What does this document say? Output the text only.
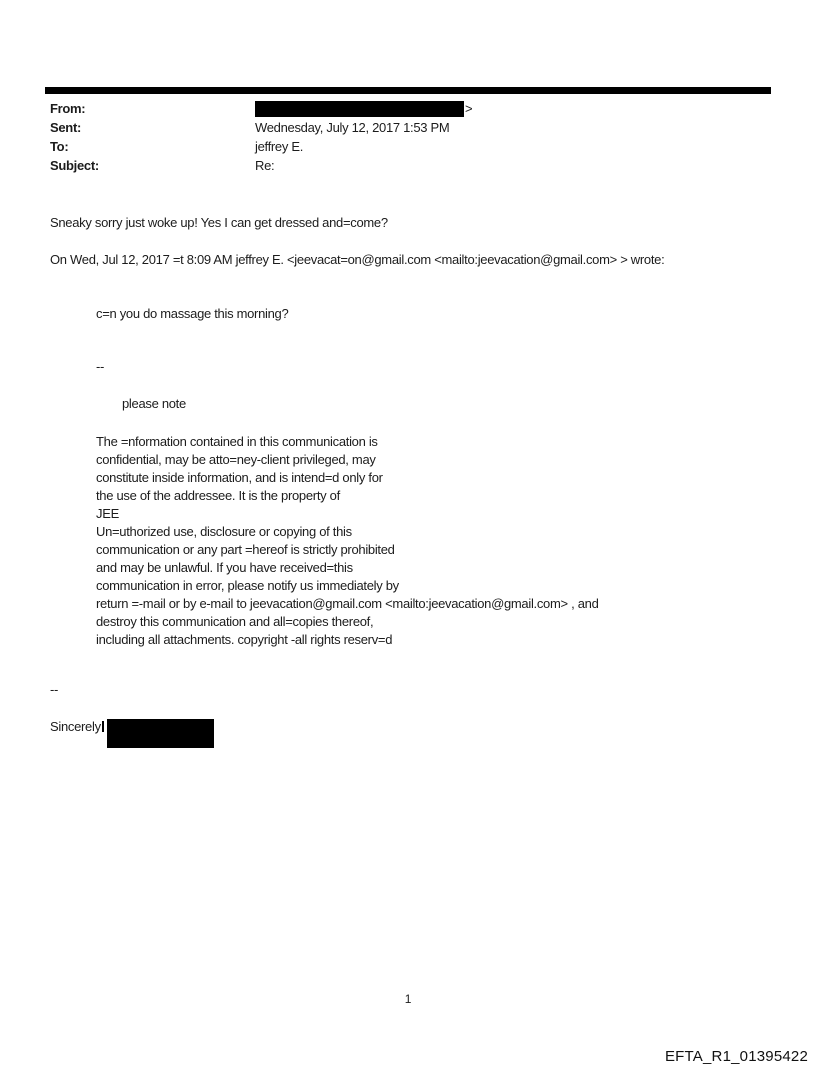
From:	>
Sent:	Wednesday, July 12, 2017 1:53 PM
To:	jeffrey E.
Subject:	Re:
Sneaky sorry just woke up! Yes I can get dressed and=come?
On Wed, Jul 12, 2017 =t 8:09 AM jeffrey E. <jeevacat=on@gmail.com <mailto:jeevacation@gmail.com> > wrote:
c=n you do massage this morning?
--
please note
The =nformation contained in this communication is
confidential, may be atto=ney-client privileged, may
constitute inside information, and is intend=d only for
the use of the addressee. It is the property of
JEE
Un=uthorized use, disclosure or copying of this
communication or any part =hereof is strictly prohibited
and may be unlawful. If you have received=this
communication in error, please notify us immediately by
return =-mail or by e-mail to jeevacation@gmail.com <mailto:jeevacation@gmail.com> , and
destroy this communication and all=copies thereof,
including all attachments. copyright -all rights reserv=d
--
Sincerely
1
EFTA_R1_01395422
